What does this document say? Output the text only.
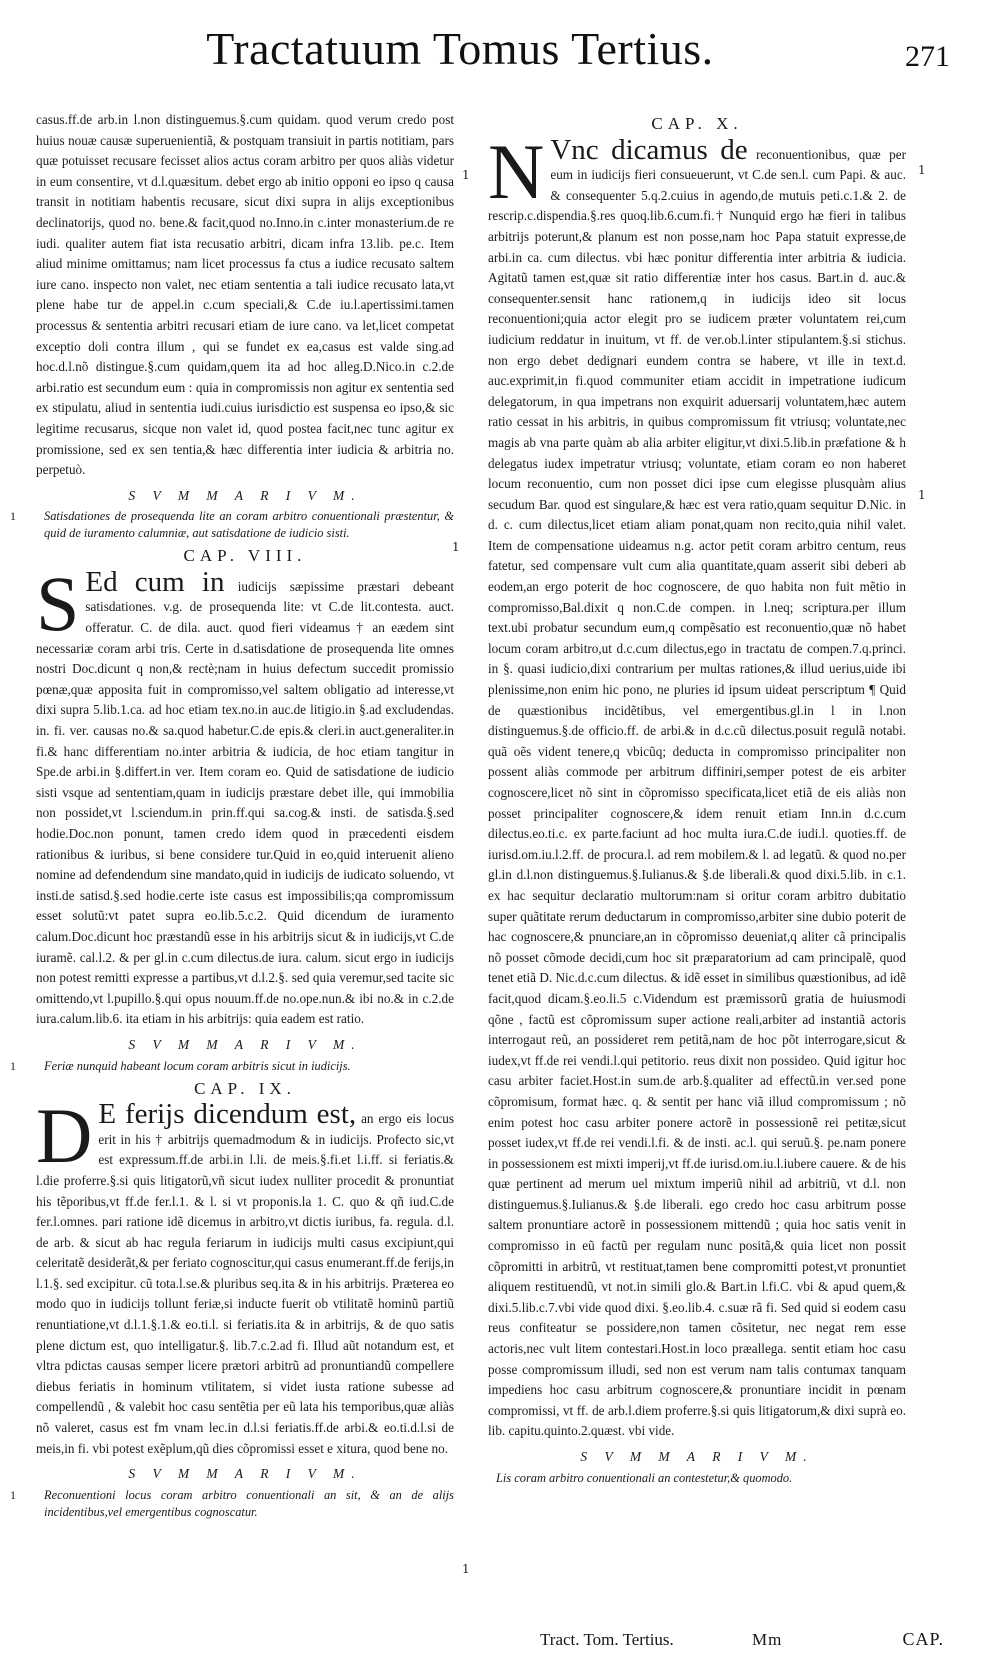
Tractatuum Tomus Tertius.	271

casus.ff.de arb.in l.non distinguemus.§.cum quidam. quod verum credo post huius nouæ causæ superuenientiã, & postquam transiuit in partis notitiam, pars quæ potuisset recusare fecisset alios actus coram arbitro per quos aliàs videtur in eum consentire, vt d.l.quæsitum. debet ergo ab initio opponi eo ipso q causa transit in notitiam habentis recusare, sicut dixi supra in alijs exceptionibus declinatorijs, quod no. bene.& facit,quod no.Inno.in c.inter monasterium.de re iudi. qualiter autem fiat ista recusatio arbitri, dicam infra 13.lib. pe.c. Item aliud minime omittamus; nam licet processus fa ctus a iudice recusato saltem iure cano. inspecto non valet, nec etiam sententia a tali iudice recusato lata,vt plene habe tur de appel.in c.cum speciali,& C.de iu.l.apertissimi.tamen processus & sententia arbitri recusari etiam de iure cano. va let,licet competat exceptio doli contra illum , qui se fundet ex ea,casus est valde sing.ad hoc.d.l.nõ distingue.§.cum quidam,quem ita ad hoc alleg.D.Nico.in c.2.de arbi.ratio est secundum eum : quia in compromissis non agitur ex sententia sed ex stipulatu, aliud in sententia iudi.cuius iurisdictio est suspensa eo ipso,& sic legitime recusarus, sicque non valet id, quod postea facit,nec tunc agitur ex promissione, sed ex sen tentia,& hæc differentia inter iudicia & arbitria no. perpetuò.

S V M M A R I V M.
1 Satisdationes de prosequenda lite an coram arbitro conuentionali præstentur, & quid de iuramento calumniæ, aut satisdatione de iudicio sisti.
CAP. VIII.

S Ed cum in iudicijs sæpissime præstari debeant satisdationes. v.g. de prosequenda lite: vt C.de lit.contesta. auct. offeratur. C. de dila. auct. quod fieri videamus † an eædem sint necessariæ coram arbi tris. Certe in d.satisdatione de prosequenda lite omnes nostri Doc.dicunt q non,& rectè;nam in huius defectum succedit promissio pœnæ,quæ apposita fuit in compromisso,vel saltem obligatio ad interesse,vt dixi supra 5.lib.1.ca. ad hoc etiam tex.no.in auc.de litigio.in §.ad excludendas. in. fi. ver. causas no.& sa.quod habetur.C.de epis.& cleri.in auct.generaliter.in fi.& hanc differentiam no.inter arbitria & iudicia, de hoc etiam tangitur in Spe.de arbi.in §.differt.in ver. Item coram eo. Quid de satisdatione de iudicio sisti vsque ad sententiam,quam in iudicijs præstare debet ille, qui immobilia non possidet,vt l.sciendum.in prin.ff.qui sa.cog.& insti. de satisda.§.sed hodie.Doc.non ponunt, tamen credo idem quod in præcedenti eisdem rationibus & iuribus, si bene considere tur.Quid in eo,quid interuenit alieno nomine ad defendendum sine mandato,quid in iudicijs de iudicato soluendo, vt insti.de satisd.§.sed hodie.certe iste casus est impossibilis;qa compromissum esset solutũ:vt patet supra eo.lib.5.c.2. Quid dicendum de iuramento calum.Doc.dicunt hoc præstandũ esse in his arbitrijs sicut & in iudicijs,vt C.de iuramẽ. cal.l.2. & per gl.in c.cum dilectus.de iura. calum. sicut ergo in iudicijs non potest remitti expresse a partibus,vt d.l.2.§. sed quia veremur,sed tacite sic omittendo,vt l.pupillo.§.qui opus nouum.ff.de no.ope.nun.& ibi no.& in c.2.de iura.calum.lib.6. ita etiam in his arbitrijs: quia eadem est ratio.

S V M M A R I V M.
1 Feriæ nunquid habeant locum coram arbitris sicut in iudicijs.
CAP. IX.

D E ferijs dicendum est, an ergo eis locus erit in his † arbitrijs quemadmodum & in iudicijs. Profecto sic,vt est expressum.ff.de arbi.in l.li. de meis.§.fi.et l.i.ff. si feriatis.& l.die proferre.§.si quis litigatorũ,vñ sicut iudex nulliter procedit & pronuntiat his tẽporibus,vt ff.de fer.l.1. & l. si vt proponis.la 1. C. quo & qñ iud.C.de fer.l.omnes. pari ratione idẽ dicemus in arbitro,vt dictis iuribus, fa. regula. d.l. de arb. & sicut ab hac regula feriarum in iudicijs multi casus excipiunt,qui celeritatẽ desiderãt,& per feriato cognoscitur,qui casus enumerant.ff.de ferijs,in l.1.§. sed excipitur. cũ tota.l.se.& pluribus seq.ita & in his arbitrijs. Præterea eo modo quo in iudicijs tollunt feriæ,si inducte fuerit ob vtilitatẽ hominũ partiũ renuntiatione,vt d.l.1.§.1.& eo.ti.l. si feriatis.ita & in arbitrijs, & de quo satis plene dictum est, quo intelligatur.§. lib.7.c.2.ad fi. Illud aũt notandum est, et vltra pdictas causas semper licere prætori arbitrũ ad pronuntiandũ compellere diebus feriatis in hominum vtilitatem, si videt iusta ratione subesse ad compellendũ , & valebit hoc casu sentẽtia per eũ lata his temporibus,quæ aliàs nõ valeret, casus est fm vnam lec.in d.l.si feriatis.ff.de arbi.& eo.ti.d.l.si de meis,in fi. vbi potest exẽplum,qũ dies cõpromissi esset e xitura, quod bene no.

S V M M A R I V M.
1 Reconuentioni locus coram arbitro conuentionali an sit, & an de alijs incidentibus,vel emergentibus cognoscatur.
CAP. X.

N Vnc dicamus de reconuentionibus, quæ per eum in iudicijs fieri consueuerunt, vt C.de sen.l. cum Papi. & auc. & consequenter 5.q.2.cuius in agendo,de mutuis peti.c.1.& 2. de rescrip.c.dispendia.§.res quoq.lib.6.cum.fi.† Nunquid ergo hæ fieri in talibus arbitrijs poterunt,& planum est non posse,nam hoc Papa statuit expresse,de arbi.in ca. cum dilectus. vbi hæc ponitur differentia inter arbitria & iudicia. Agitatũ tamen est,quæ sit ratio differentiæ inter hos casus. Bart.in d. auc.& consequenter.sensit hanc rationem,q in iudicijs ideo sit locus reconuentioni;quia actor elegit pro se iudicem præter voluntatem rei,cum iudicium reddatur in inuitum, vt ff. de ver.ob.l.inter stipulantem.§.si stichus. non ergo debet dedignari eundem contra se habere, vt ille in text.d. auc.exprimit,in fi.quod communiter etiam accidit in impetratione iudicum delegatorum, in qua impetrans non exquirit aduersarij voluntatem,hæc autem ratio cessat in his arbitris, in quibus compromissum fit vtriusq; voluntate,nec magis ab vna parte quàm ab alia arbiter eligitur,vt dixi.5.lib.in præfatione & h delegatus iudex impetratur vtriusq; voluntate, etiam coram eo non haberet locum reconuentio, cum non posset dici ipse cum elegisse plusquàm alius secudum Bar. quod est singulare,& hæc est vera ratio,quam sequitur D.Nic. in d. c. cum dilectus,licet etiam aliam ponat,quam non recito,quia nihil valet. Item de compensatione uideamus n.g. actor petit coram arbitro centum, reus fatetur, sed compensare vult cum alia quantitate,quam asserit sibi deberi ab eodem,an ergo poterit de hoc cognoscere, de quo habita non fuit mẽtio in compromisso,Bal.dixit q non.C.de compen. in l.neq; scriptura.per illum text.ubi probatur secundum eum,q compẽsatio est reconuentio,quæ nõ habet locum coram arbitro,ut d.c.cum dilectus,ego in tractatu de compen.7.q.princi. in §. quasi iudicio,dixi contrarium per multas rationes,& illud uerius,uide ibi plenissime,non enim hic pono, ne pluries id ipsum uideat perscriptum ¶ Quid de quæstionibus incidẽtibus, vel emergentibus.gl.in l in l.non distinguemus.§.de officio.ff. de arbi.& in d.c.cũ dilectus.posuit regulã notabi. quã oẽs vident tenere,q vbicũq; deducta in compromisso principaliter non possent aliàs commode per arbitrum diffiniri,semper potest de eis arbiter cognoscere,licet nõ sint in cõpromisso specificata,licet etiã de eis aliàs non posset principaliter cognoscere,& idem renuit etiam Inn.in d.c.cum dilectus.eo.ti.c. ex parte.faciunt ad hoc multa iura.C.de iudi.l. quoties.ff. de iurisd.om.iu.l.2.ff. de procura.l. ad rem mobilem.& l. ad legatũ. & quod no.per gl.in d.l.non distinguemus.§.Iulianus.& §.de liberali.& quod dixi.5.lib. in c.1. ex hac sequitur declaratio multorum:nam si oritur coram arbitro dubitatio super quãtitate rerum deductarum in compromisso,arbiter sine dubio poterit de hac cognoscere,& pnunciare,an in cõpromisso deueniat,q aliter cã principalis nõ posset cõmode decidi,cum hoc sit præparatorium ad cam principalẽ, quod tenet etiã D. Nic.d.c.cum dilectus. & idẽ esset in similibus quæstionibus, ad idẽ facit,quod dicam.§.eo.li.5 c.Videndum est præmissorũ gratia de huiusmodi qõne , factũ est cõpromissum super actione reali,arbiter ad instantiã actoris interrogaut reũ, an possideret rem petitã,nam de hoc põt interrogare,sicut & iudex,vt ff.de rei vendi.l.qui petitorio. reus dixit non possideo. Quid igitur hoc casu arbiter faciet.Host.in sum.de arb.§.qualiter ad effectũ.in ver.sed pone cõpromisum, format hæc. q. & sentit per hanc viã illud compromissum ; nõ enim potest hoc casu arbiter ponere actorẽ in possessionẽ rei petitæ,sicut posset iudex,vt ff.de rei vendi.l.fi. & de insti. ac.l. qui seruũ.§. pe.nam ponere in possessionem est mixti imperij,vt ff.de iurisd.om.iu.l.iubere cauere. & de his quæ pertinent ad merum uel mixtum imperiũ nihil ad arbitriũ, vt d.l. non distinguemus.§.Iulianus.& §.de liberali. ego credo hoc casu arbitrum posse saltem pronuntiare actorẽ in possessionem mittendũ ; quia hoc satis venit in compromisso in eũ factũ per regulam nunc positã,& quia licet non possit cõpromitti in arbitrũ, vt restituat,tamen bene compromitti potest,vt pronuntiet aliquem restituendũ, vt not.in simili glo.& Bart.in l.fi.C. vbi & apud quem,& dixi.5.lib.c.7.vbi vide quod dixi. §.eo.lib.4. c.suæ rã fi. Sed quid si eodem casu reus confiteatur se possidere,non tamen cõsitetur, nec negat rem esse actoris,nec vult litem contestari.Host.in loco præallega. sentit etiam hoc casu posse compromissum illudi, sed non est verum nam talis contumax tanquam impediens hoc casu arbitrum cognoscere,& pronuntiare incidit in pœnam compromissi, vt ff. de arb.l.diem proferre.§.si quis litigatorum,& dixi suprà eo. lib. capitu.quinto.2.quæst. vbi vide.

S V M M A R I V M.
Lis coram arbitro conuentionali an contestetur,& quomodo.
1
1
1
1
1
Tract. Tom. Tertius.	Mm	CAP.
